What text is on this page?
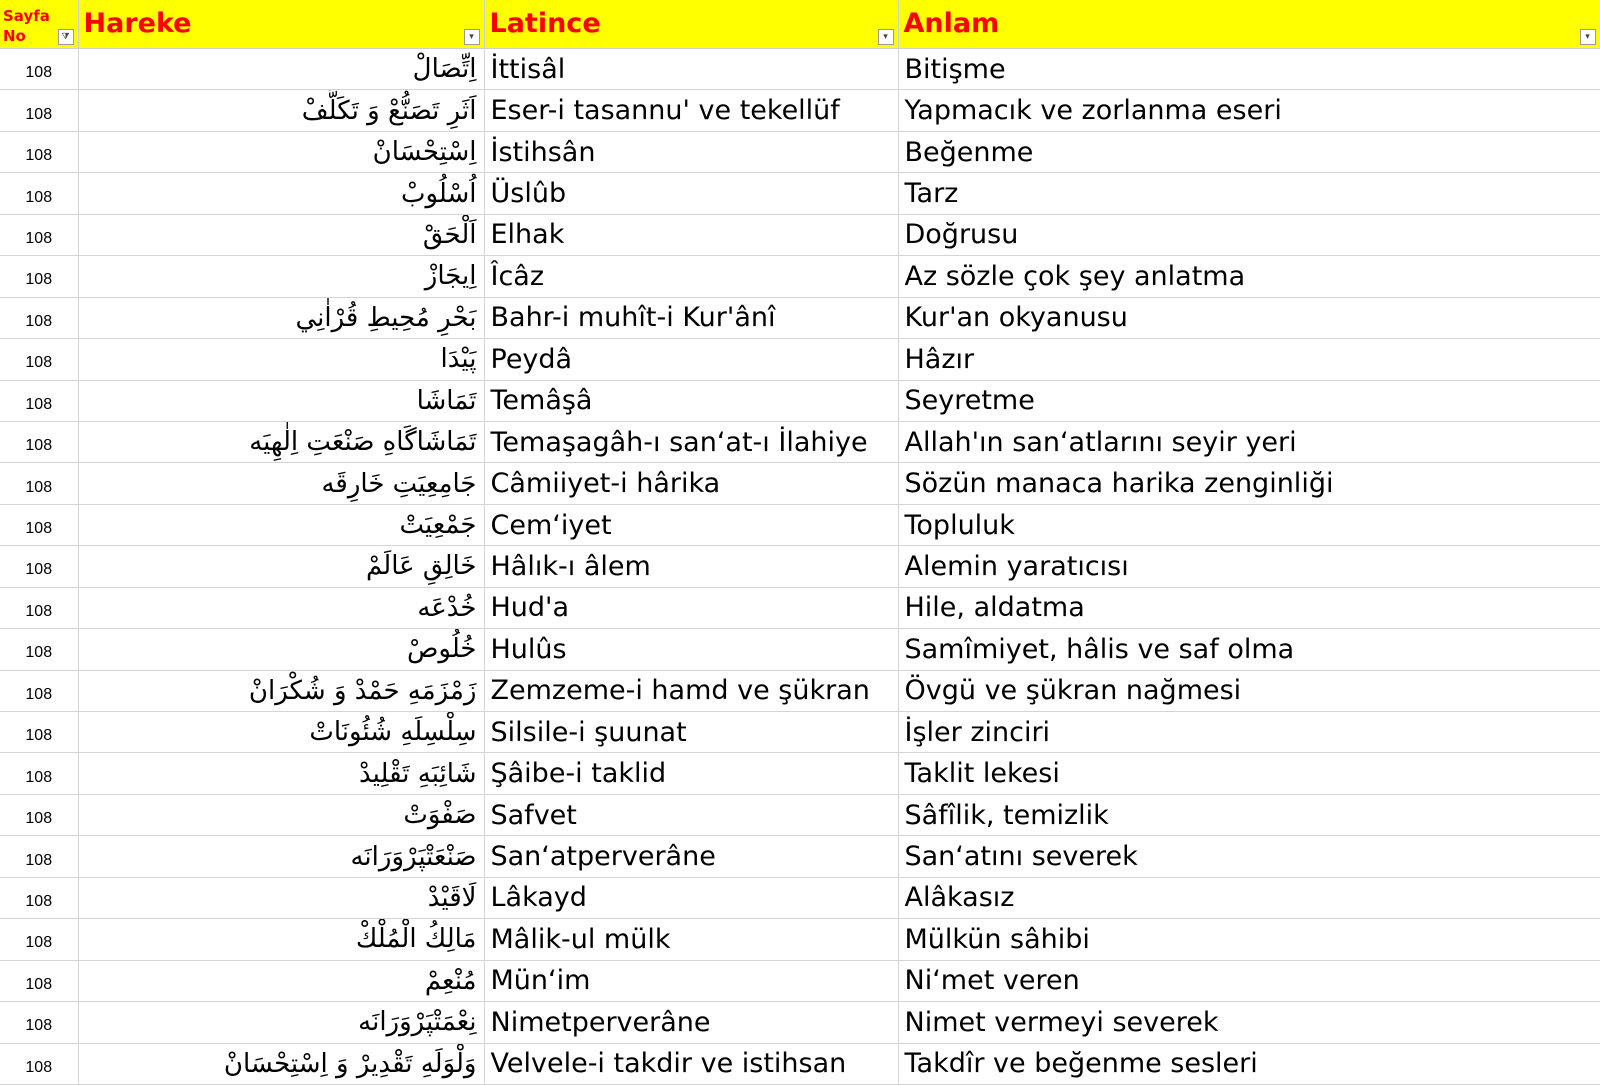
Sayfa No ⧩	Hareke ▾	Latince ▾	Anlam ▾

108	اِتِّصَالْ	İttisâl	Bitişme
108	اَثَرِ تَصَنُّعْ وَ تَكَلُّفْ	Eser-i tasannu' ve tekellüf	Yapmacık ve zorlanma eseri
108	اِسْتِحْسَانْ	İstihsân	Beğenme
108	اُسْلُوبْ	Üslûb	Tarz
108	اَلْحَقْ	Elhak	Doğrusu
108	اِيجَازْ	Îcâz	Az sözle çok şey anlatma
108	بَحْرِ مُحِيطِ قُرْاٰنِي	Bahr-i muhît-i Kur'ânî	Kur'an okyanusu
108	پَيْدَا	Peydâ	Hâzır
108	تَمَاشَا	Temâşâ	Seyretme
108	تَمَاشَاگَاهِ صَنْعَتِ اِلٰهِيَه	Temaşagâh-ı san‘at-ı İlahiye	Allah'ın san‘atlarını seyir yeri
108	جَامِعِيَتِ خَارِقَه	Câmiiyet-i hârika	Sözün manaca harika zenginliği
108	جَمْعِيَتْ	Cem‘iyet	Topluluk
108	خَالِقِ عَالَمْ	Hâlık-ı âlem	Alemin yaratıcısı
108	خُدْعَه	Hud'a	Hile, aldatma
108	خُلُوصْ	Hulûs	Samîmiyet, hâlis ve saf olma
108	زَمْزَمَهِ حَمْدْ وَ شُكْرَانْ	Zemzeme-i hamd ve şükran	Övgü ve şükran nağmesi
108	سِلْسِلَهِ شُئُونَاتْ	Silsile-i şuunat	İşler zinciri
108	شَائِبَهِ تَقْلِيدْ	Şâibe-i taklid	Taklit lekesi
108	صَفْوَتْ	Safvet	Sâfîlik, temizlik
108	صَنْعَتْپَرْوَرَانَه	San‘atperverâne	San‘atını severek
108	لَاقَيْدْ	Lâkayd	Alâkasız
108	مَالِكُ الْمُلْكْ	Mâlik-ul mülk	Mülkün sâhibi
108	مُنْعِمْ	Mün‘im	Ni‘met veren
108	نِعْمَتْپَرْوَرَانَه	Nimetperverâne	Nimet vermeyi severek
108	وَلْوَلَهِ تَقْدِيرْ وَ اِسْتِحْسَانْ	Velvele-i takdir ve istihsan	Takdîr ve beğenme sesleri
